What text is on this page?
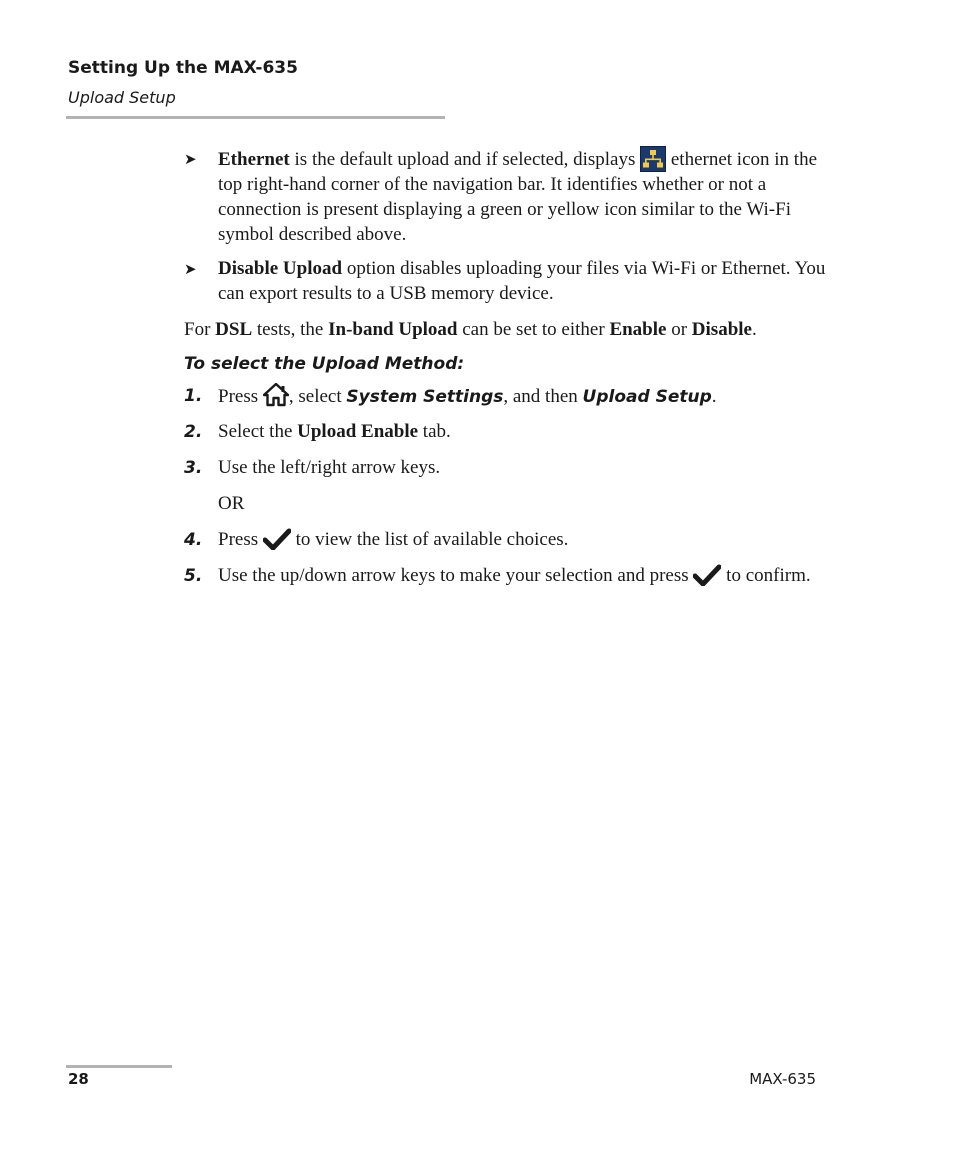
Setting Up the MAX-635
Upload Setup
➤ Ethernet is the default upload and if selected, displays  ethernet icon in the top right-hand corner of the navigation bar. It identifies whether or not a connection is present displaying a green or yellow icon similar to the Wi-Fi symbol described above.
➤ Disable Upload option disables uploading your files via Wi-Fi or Ethernet. You can export results to a USB memory device.
For DSL tests, the In-band Upload can be set to either Enable or Disable.
To select the Upload Method:
1. Press , select System Settings, and then Upload Setup.
2. Select the Upload Enable tab.
3. Use the left/right arrow keys.
OR
4. Press  to view the list of available choices.
5. Use the up/down arrow keys to make your selection and press  to confirm.
28	MAX-635
